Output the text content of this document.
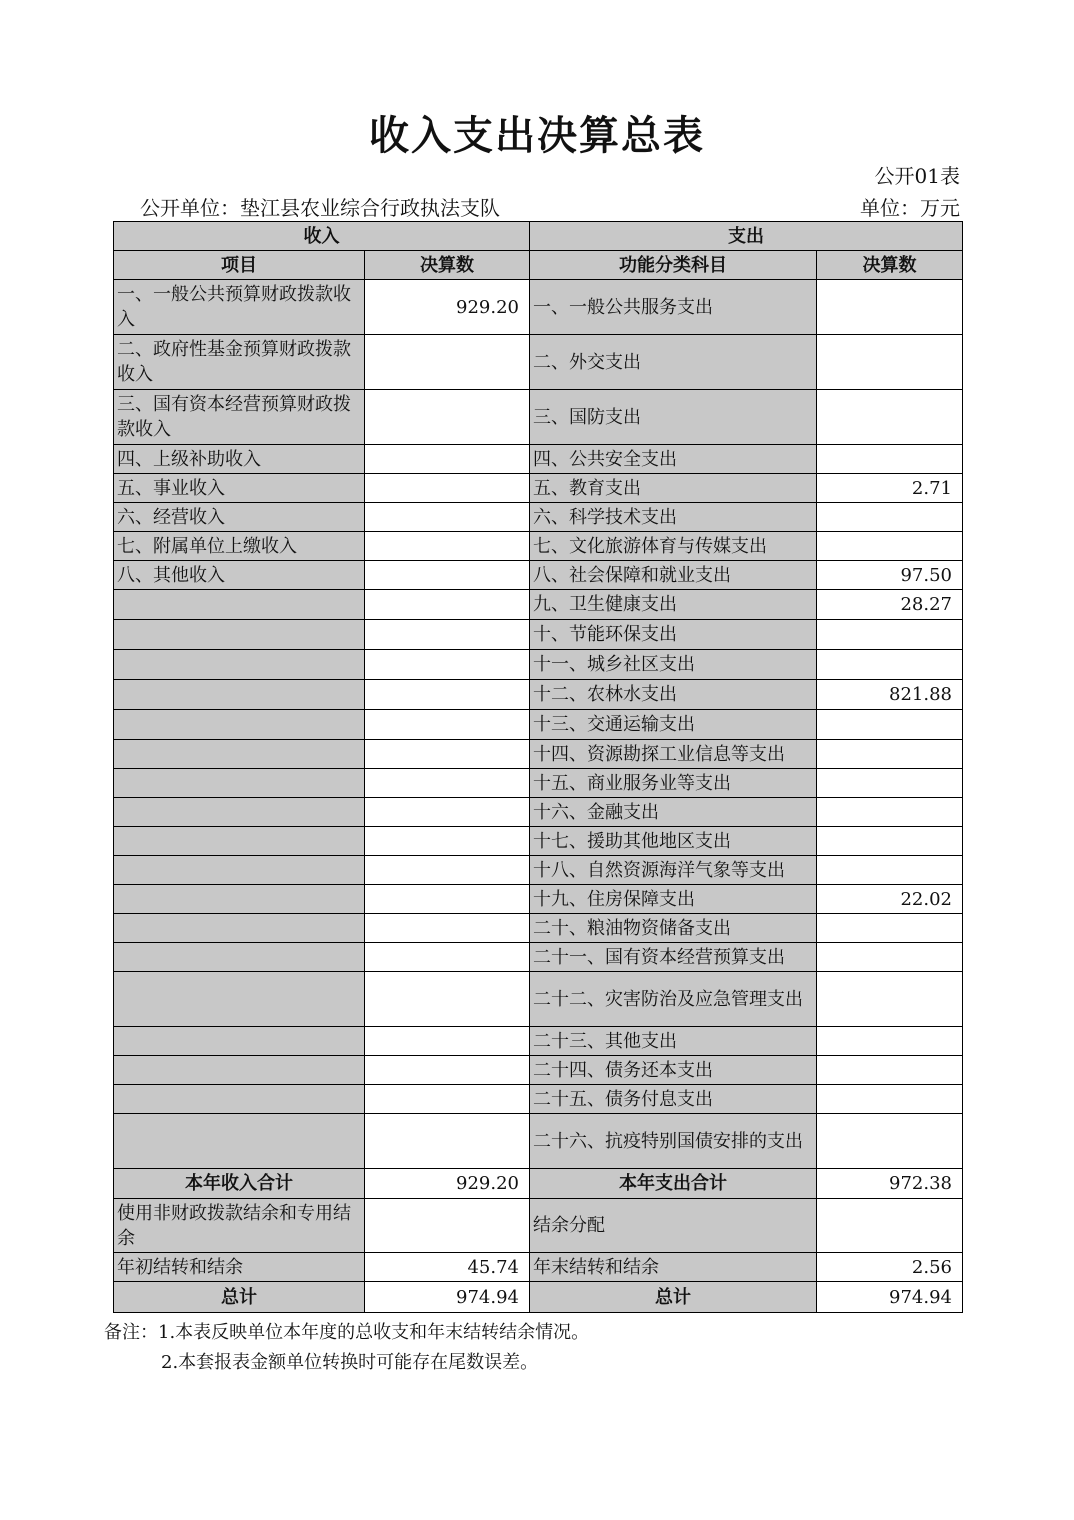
收入支出决算总表
公开01表
公开单位：垫江县农业综合行政执法支队	单位：万元
收入		支出	
项目	决算数	功能分类科目	决算数
一、一般公共预算财政拨款收入	929.20	一、一般公共服务支出	
二、政府性基金预算财政拨款收入		二、外交支出	
三、国有资本经营预算财政拨款收入		三、国防支出	
四、上级补助收入		四、公共安全支出	
五、事业收入		五、教育支出	2.71
六、经营收入		六、科学技术支出	
七、附属单位上缴收入		七、文化旅游体育与传媒支出	
八、其他收入		八、社会保障和就业支出	97.50
		九、卫生健康支出	28.27
		十、节能环保支出	
		十一、城乡社区支出	
		十二、农林水支出	821.88
		十三、交通运输支出	
		十四、资源勘探工业信息等支出	
		十五、商业服务业等支出	
		十六、金融支出	
		十七、援助其他地区支出	
		十八、自然资源海洋气象等支出	
		十九、住房保障支出	22.02
		二十、粮油物资储备支出	
		二十一、国有资本经营预算支出	
		二十二、灾害防治及应急管理支出	
		二十三、其他支出	
		二十四、债务还本支出	
		二十五、债务付息支出	
		二十六、抗疫特别国债安排的支出	
本年收入合计	929.20	本年支出合计	972.38
使用非财政拨款结余和专用结余		结余分配	
年初结转和结余	45.74	年末结转和结余	2.56
总计	974.94	总计	974.94
备注：1.本表反映单位本年度的总收支和年末结转结余情况。
2.本套报表金额单位转换时可能存在尾数误差。
